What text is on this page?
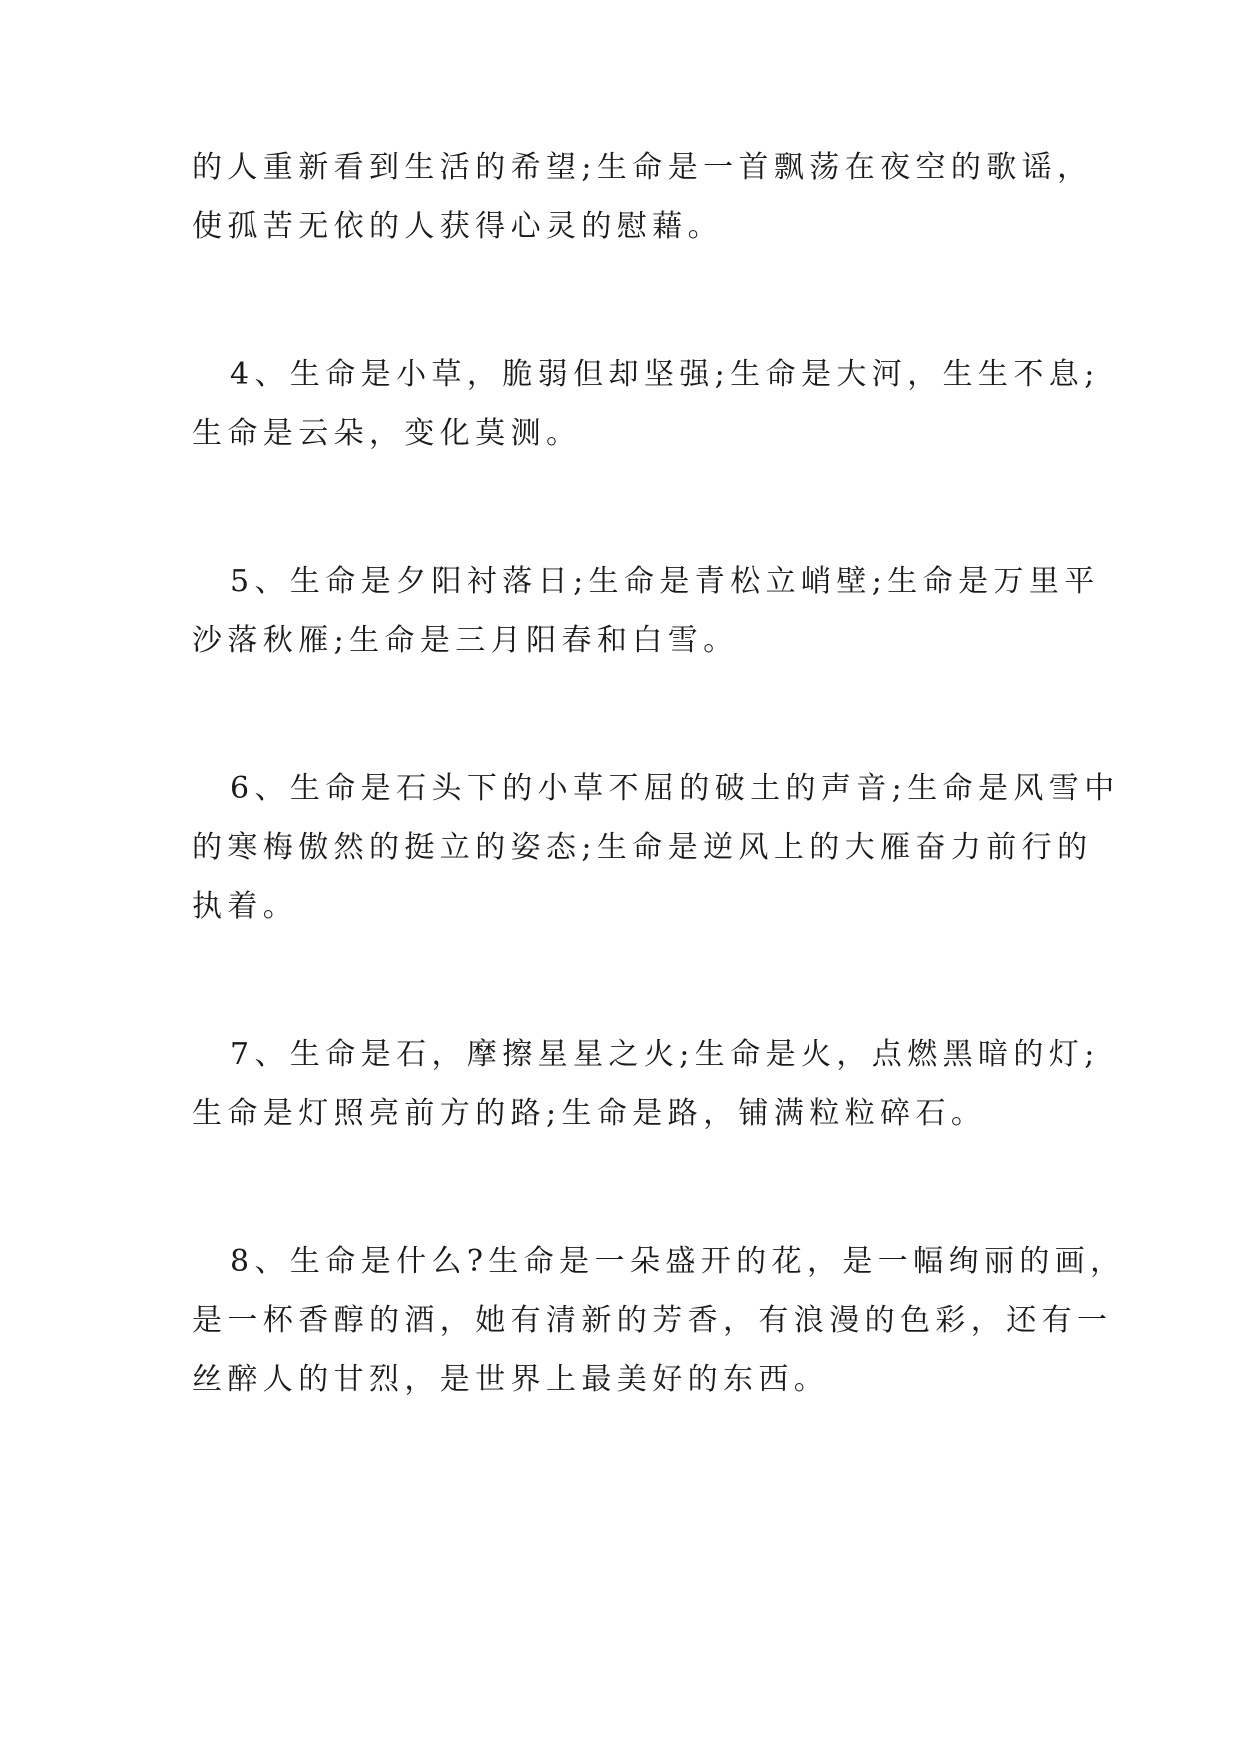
的人重新看到生活的希望;生命是一首飘荡在夜空的歌谣，
使孤苦无依的人获得心灵的慰藉。

4、生命是小草，脆弱但却坚强;生命是大河，生生不息;
生命是云朵，变化莫测。

5、生命是夕阳衬落日;生命是青松立峭壁;生命是万里平
沙落秋雁;生命是三月阳春和白雪。

6、生命是石头下的小草不屈的破土的声音;生命是风雪中
的寒梅傲然的挺立的姿态;生命是逆风上的大雁奋力前行的
执着。

7、生命是石，摩擦星星之火;生命是火，点燃黑暗的灯;
生命是灯照亮前方的路;生命是路，铺满粒粒碎石。

8、生命是什么?生命是一朵盛开的花，是一幅绚丽的画，
是一杯香醇的酒，她有清新的芳香，有浪漫的色彩，还有一
丝醉人的甘烈，是世界上最美好的东西。
